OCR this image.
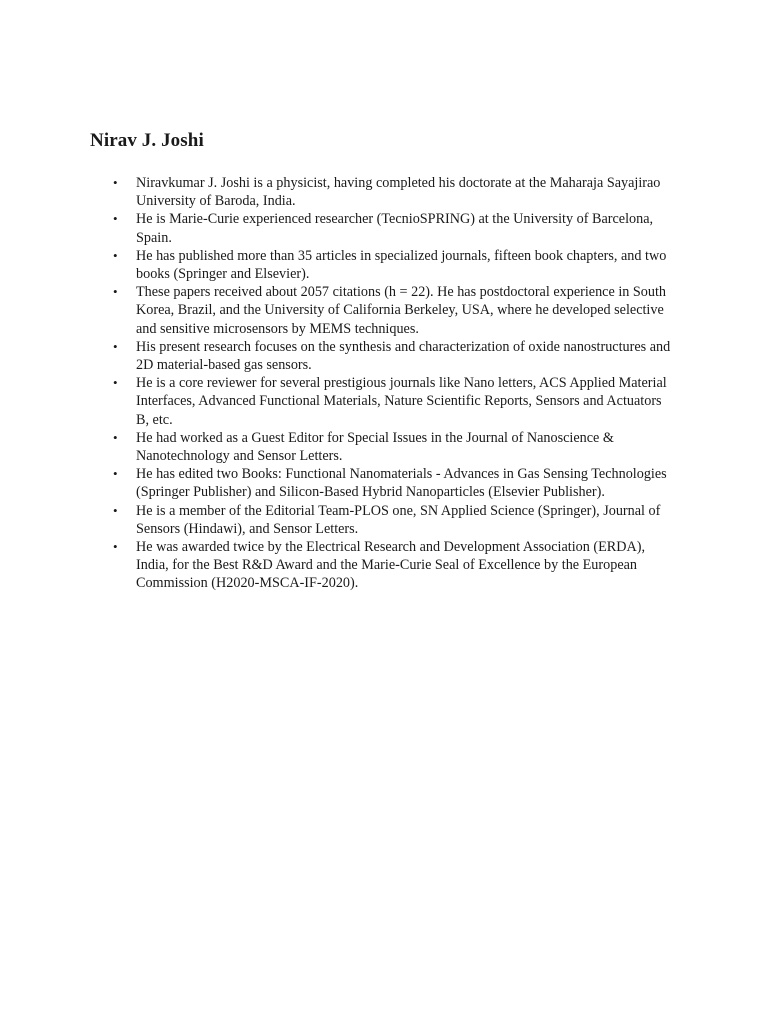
Nirav J. Joshi
• Niravkumar J. Joshi is a physicist, having completed his doctorate at the Maharaja Sayajirao University of Baroda, India.
• He is Marie-Curie experienced researcher (TecnioSPRING) at the University of Barcelona, Spain.
• He has published more than 35 articles in specialized journals, fifteen book chapters, and two books (Springer and Elsevier).
• These papers received about 2057 citations (h = 22). He has postdoctoral experience in South Korea, Brazil, and the University of California Berkeley, USA, where he developed selective and sensitive microsensors by MEMS techniques.
• His present research focuses on the synthesis and characterization of oxide nanostructures and 2D material-based gas sensors.
• He is a core reviewer for several prestigious journals like Nano letters, ACS Applied Material Interfaces, Advanced Functional Materials, Nature Scientific Reports, Sensors and Actuators B, etc.
• He had worked as a Guest Editor for Special Issues in the Journal of Nanoscience & Nanotechnology and Sensor Letters.
• He has edited two Books: Functional Nanomaterials - Advances in Gas Sensing Technologies (Springer Publisher) and Silicon-Based Hybrid Nanoparticles (Elsevier Publisher).
• He is a member of the Editorial Team-PLOS one, SN Applied Science (Springer), Journal of Sensors (Hindawi), and Sensor Letters.
• He was awarded twice by the Electrical Research and Development Association (ERDA), India, for the Best R&D Award and the Marie-Curie Seal of Excellence by the European Commission (H2020-MSCA-IF-2020).
